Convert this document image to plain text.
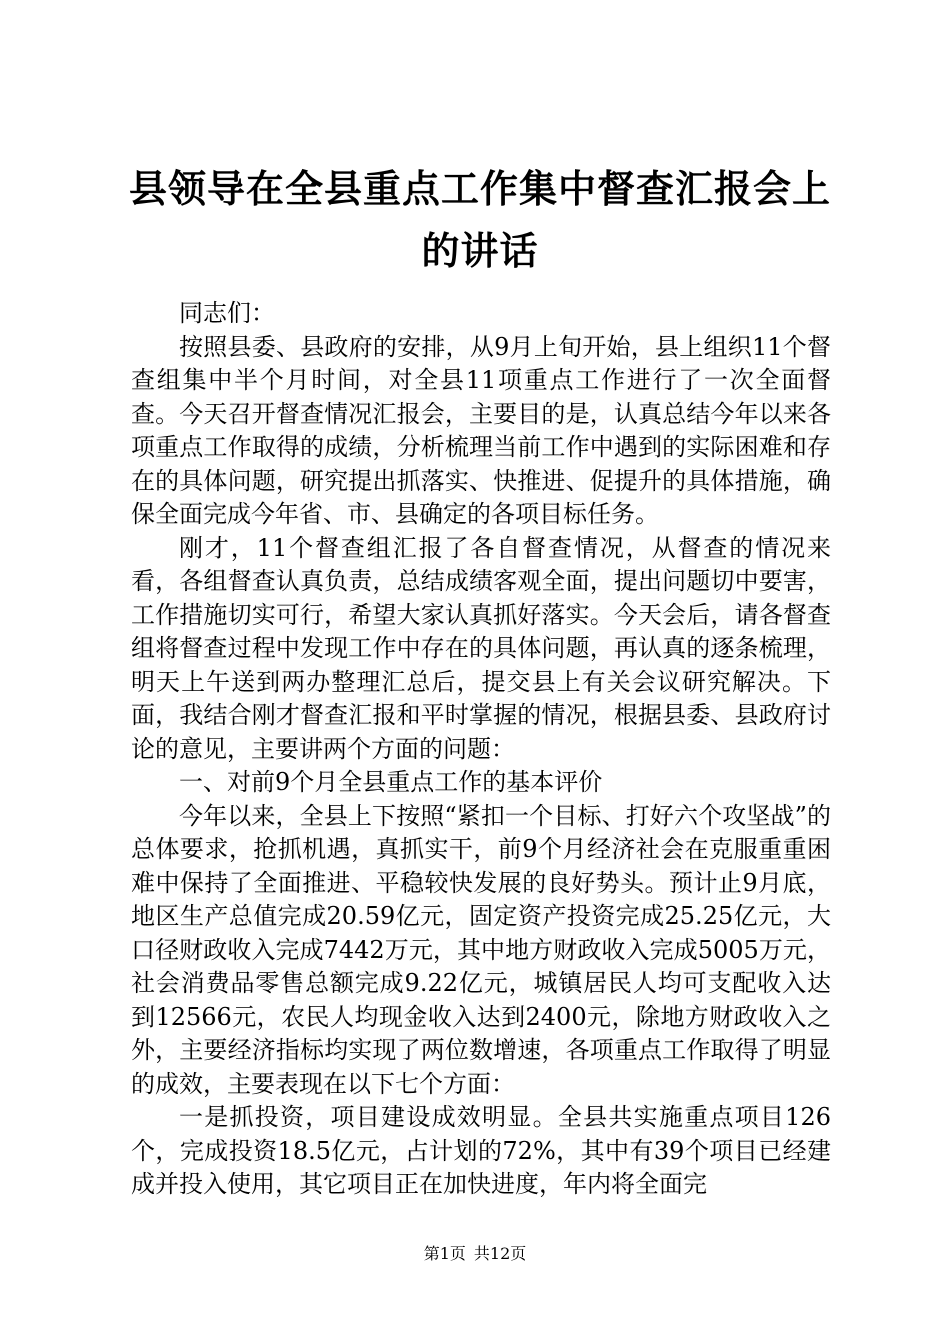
县领导在全县重点工作集中督查汇报会上的讲话

同志们：

按照县委、县政府的安排，从9月上旬开始，县上组织11个督查组集中半个月时间，对全县11项重点工作进行了一次全面督查。今天召开督查情况汇报会，主要目的是，认真总结今年以来各项重点工作取得的成绩，分析梳理当前工作中遇到的实际困难和存在的具体问题，研究提出抓落实、快推进、促提升的具体措施，确保全面完成今年省、市、县确定的各项目标任务。

刚才，11个督查组汇报了各自督查情况，从督查的情况来看，各组督查认真负责，总结成绩客观全面，提出问题切中要害，工作措施切实可行，希望大家认真抓好落实。今天会后，请各督查组将督查过程中发现工作中存在的具体问题，再认真的逐条梳理，明天上午送到两办整理汇总后，提交县上有关会议研究解决。下面，我结合刚才督查汇报和平时掌握的情况，根据县委、县政府讨论的意见，主要讲两个方面的问题：

一、对前9个月全县重点工作的基本评价

今年以来，全县上下按照“紧扣一个目标、打好六个攻坚战”的总体要求，抢抓机遇，真抓实干，前9个月经济社会在克服重重困难中保持了全面推进、平稳较快发展的良好势头。预计止9月底，地区生产总值完成20.59亿元，固定资产投资完成25.25亿元，大口径财政收入完成7442万元，其中地方财政收入完成5005万元，社会消费品零售总额完成9.22亿元，城镇居民人均可支配收入达到12566元，农民人均现金收入达到2400元，除地方财政收入之外，主要经济指标均实现了两位数增速，各项重点工作取得了明显的成效，主要表现在以下七个方面：

一是抓投资，项目建设成效明显。全县共实施重点项目126个，完成投资18.5亿元，占计划的72%，其中有39个项目已经建成并投入使用，其它项目正在加快进度，年内将全面完

第1页 共12页
